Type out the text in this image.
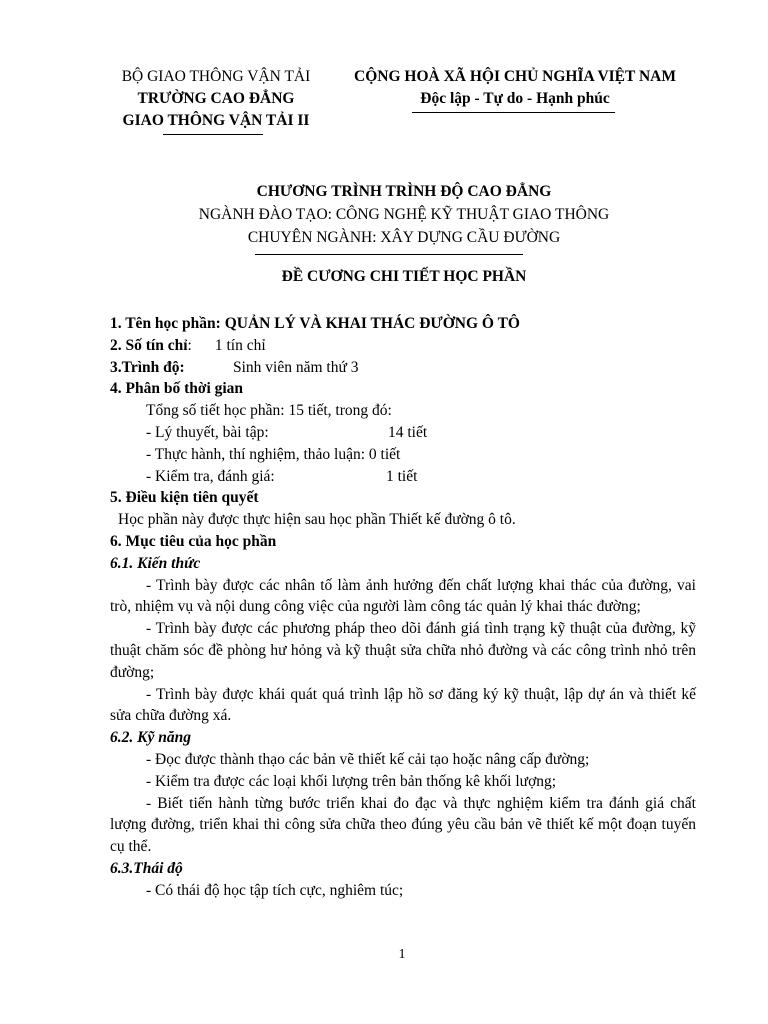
BỘ GIAO THÔNG VẬN TẢI
TRƯỜNG CAO ĐẲNG
GIAO THÔNG VẬN TẢI II
CỘNG HOÀ XÃ HỘI CHỦ NGHĨA VIỆT NAM
Độc lập - Tự do - Hạnh phúc
CHƯƠNG TRÌNH TRÌNH ĐỘ CAO ĐẲNG
NGÀNH ĐÀO TẠO: CÔNG NGHỆ KỸ THUẬT GIAO THÔNG
CHUYÊN NGÀNH: XÂY DỰNG CẦU ĐƯỜNG
ĐỀ CƯƠNG CHI TIẾT HỌC PHẦN
1. Tên học phần: QUẢN LÝ VÀ KHAI THÁC ĐƯỜNG Ô TÔ
2. Số tín chỉ: 1 tín chỉ
3.Trình độ:	Sinh viên năm thứ 3
4. Phân bố thời gian
Tổng số tiết học phần: 15 tiết, trong đó:
- Lý thuyết, bài tập:	14 tiết
- Thực hành, thí nghiệm, thảo luận: 0 tiết
- Kiểm tra, đánh giá:	1 tiết
5. Điều kiện tiên quyết
Học phần này được thực hiện sau học phần Thiết kế đường ô tô.
6. Mục tiêu của học phần
6.1. Kiến thức
- Trình bày được các nhân tố làm ảnh hưởng đến chất lượng khai thác của đường, vai trò, nhiệm vụ và nội dung công việc của người làm công tác quản lý khai thác đường;
- Trình bày được các phương pháp theo dõi đánh giá tình trạng kỹ thuật của đường, kỹ thuật chăm sóc đề phòng hư hỏng và kỹ thuật sửa chữa nhỏ đường và các công trình nhỏ trên đường;
- Trình bày được khái quát quá trình lập hồ sơ đăng ký kỹ thuật, lập dự án và thiết kế sửa chữa đường xá.
6.2. Kỹ năng
- Đọc được thành thạo các bản vẽ thiết kế cải tạo hoặc nâng cấp đường;
- Kiểm tra được các loại khối lượng trên bản thống kê khối lượng;
- Biết tiến hành từng bước triển khai đo đạc và thực nghiệm kiểm tra đánh giá chất lượng đường, triển khai thi công sửa chữa theo đúng yêu cầu bản vẽ thiết kế một đoạn tuyến cụ thể.
6.3.Thái độ
- Có thái độ học tập tích cực, nghiêm túc;
1
